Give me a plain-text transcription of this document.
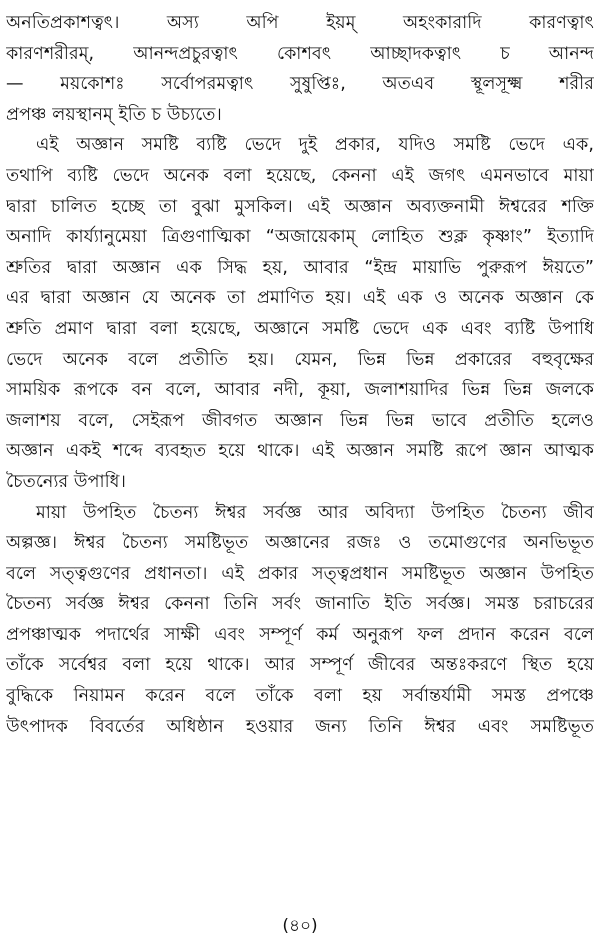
অনতিপ্রকাশত্বৎ। অস্য অপি ইয়ম্ অহংকারাদি কারণত্বাৎ
কারণশরীরম্, আনন্দপ্রচুরত্বাৎ কোশবৎ আচ্ছাদকত্বাৎ চ আনন্দ
— ময়কোশঃ সর্বোপরমত্বাৎ সুষুপ্তিঃ, অতএব স্থূলসূক্ষ্ম শরীর
প্রপঞ্চ লয়স্থানম্ ইতি চ উচ্যতে।
এই অজ্ঞান সমষ্টি ব্যষ্টি ভেদে দুই প্রকার, যদিও সমষ্টি ভেদে এক,
তথাপি ব্যষ্টি ভেদে অনেক বলা হয়েছে, কেননা এই জগৎ এমনভাবে মায়া
দ্বারা চালিত হচ্ছে তা বুঝা মুসকিল। এই অজ্ঞান অব্যক্তনামী ঈশ্বরের শক্তি
অনাদি কার্য্যানুমেয়া ত্রিগুণাত্মিকা “অজায়েকাম্ লোহিত শুক্ল কৃষ্ণাং” ইত্যাদি
শ্রুতির দ্বারা অজ্ঞান এক সিদ্ধ হয়, আবার “ইন্দ্র মায়াভি পুরুরূপ ঈয়তে”
এর দ্বারা অজ্ঞান যে অনেক তা প্রমাণিত হয়। এই এক ও অনেক অজ্ঞান কে
শ্রুতি প্রমাণ দ্বারা বলা হয়েছে, অজ্ঞানে সমষ্টি ভেদে এক এবং ব্যষ্টি উপাধি
ভেদে অনেক বলে প্রতীতি হয়। যেমন, ভিন্ন ভিন্ন প্রকারের বহুবৃক্ষের
সাময়িক রূপকে বন বলে, আবার নদী, কূয়া, জলাশয়াদির ভিন্ন ভিন্ন জলকে
জলাশয় বলে, সেইরূপ জীবগত অজ্ঞান ভিন্ন ভিন্ন ভাবে প্রতীতি হলেও
অজ্ঞান একই শব্দে ব্যবহৃত হয়ে থাকে। এই অজ্ঞান সমষ্টি রূপে জ্ঞান আত্মক
চৈতন্যের উপাধি।
মায়া উপহিত চৈতন্য ঈশ্বর সর্বজ্ঞ আর অবিদ্যা উপহিত চৈতন্য জীব
অল্পজ্ঞ। ঈশ্বর চৈতন্য সমষ্টিভূত অজ্ঞানের রজঃ ও তমোগুণের অনভিভূত
বলে সত্ত্বগুণের প্রধানতা। এই প্রকার সত্ত্বপ্রধান সমষ্টিভূত অজ্ঞান উপহিত
চৈতন্য সর্বজ্ঞ ঈশ্বর কেননা তিনি সর্বং জানাতি ইতি সর্বজ্ঞ। সমস্ত চরাচরের
প্রপঞ্চাত্মক পদার্থের সাক্ষী এবং সম্পূর্ণ কর্ম অনুরূপ ফল প্রদান করেন বলে
তাঁকে সর্বেশ্বর বলা হয়ে থাকে। আর সম্পূর্ণ জীবের অন্তঃকরণে স্থিত হয়ে
বুদ্ধিকে নিয়ামন করেন বলে তাঁকে বলা হয় সর্বান্তর্যামী সমস্ত প্রপঞ্চে
উৎপাদক বিবর্তের অধিষ্ঠান হওয়ার জন্য তিনি ঈশ্বর এবং সমষ্টিভূত
(৪০)
